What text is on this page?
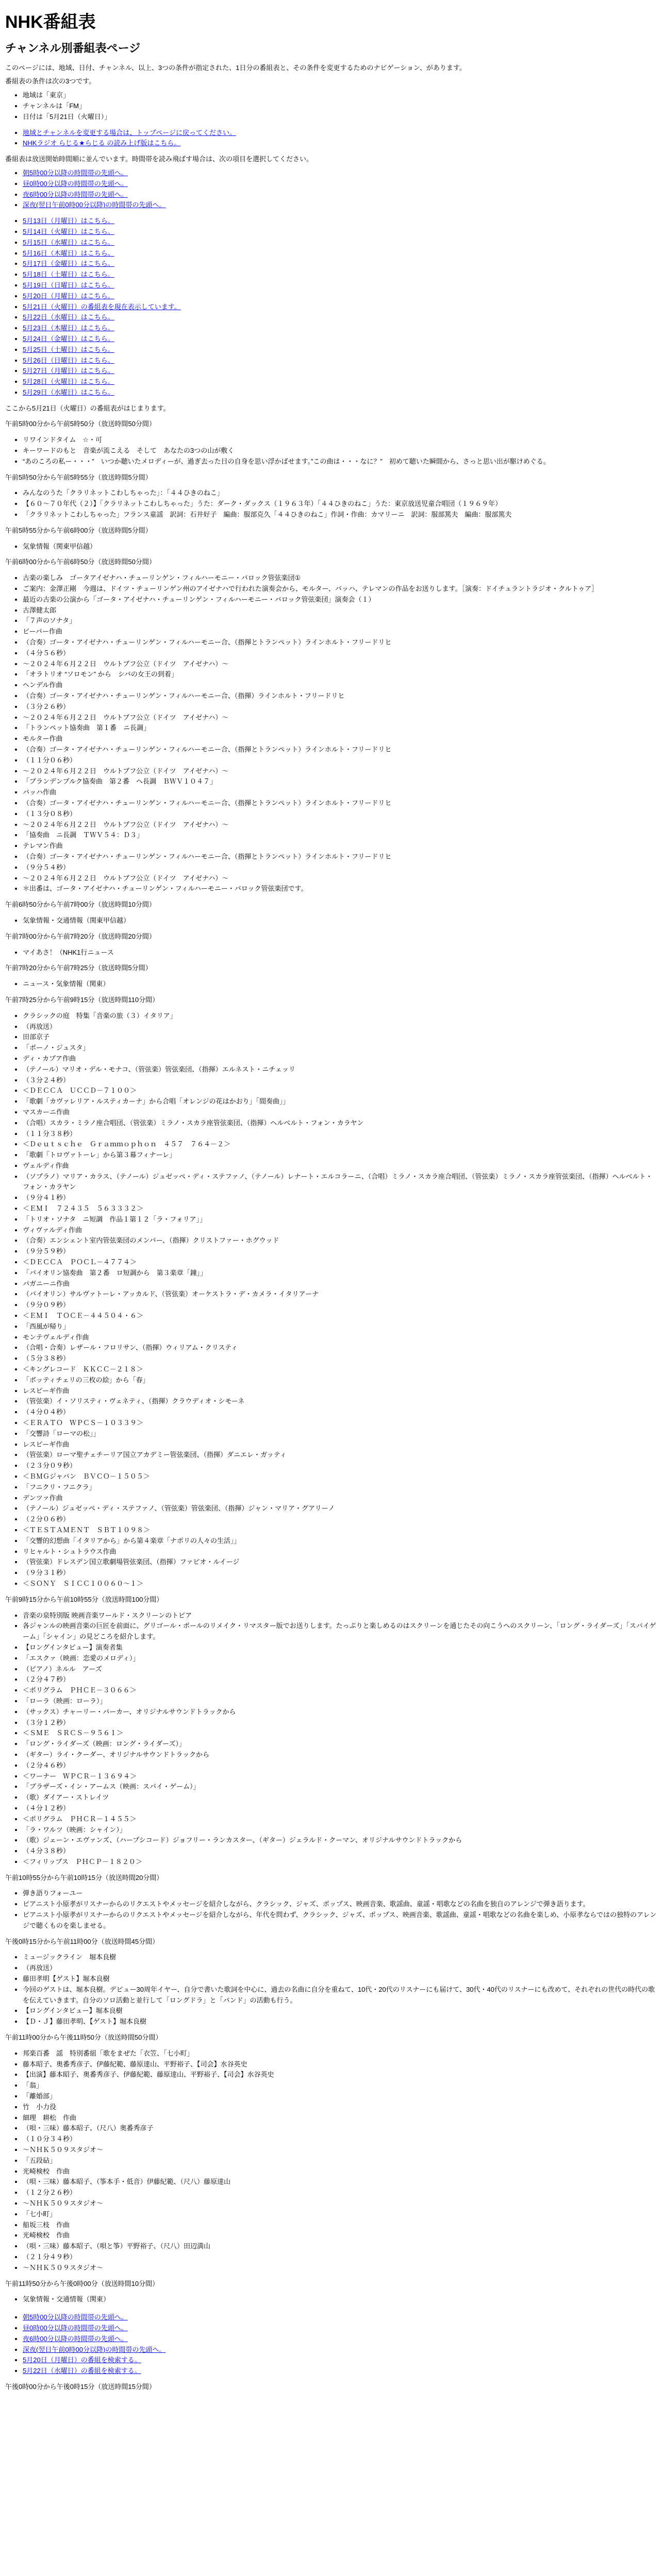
NHK番組表
チャンネル別番組表ページ

このページには、地域、日付、チャンネル、以上、3つの条件が指定された、1日分の番組表と、その条件を変更するためのナビゲーション、があります。

番組表の条件は次の3つです。

• 地域は「東京」
• チャンネルは「FM」
• 日付は「5月21日（火曜日）」
• 地域とチャンネルを変更する場合は、トップページに戻ってください。
• NHKラジオ らじる★らじる の読み上げ版はこちら。

番組表は放送開始時間順に並んでいます。時間帯を読み飛ばす場合は、次の項目を選択してください。

• 朝5時00分以降の時間帯の先頭へ。
• 昼0時00分以降の時間帯の先頭へ。
• 夜6時00分以降の時間帯の先頭へ。
• 深夜(翌日午前0時00分以降)の時間帯の先頭へ。
• 5月13日（月曜日）はこちら。
• 5月14日（火曜日）はこちら。
• 5月15日（水曜日）はこちら。
• 5月16日（木曜日）はこちら。
• 5月17日（金曜日）はこちら。
• 5月18日（土曜日）はこちら。
• 5月19日（日曜日）はこちら。
• 5月20日（月曜日）はこちら。
• 5月21日（火曜日）の番組表を現在表示しています。
• 5月22日（水曜日）はこちら。
• 5月23日（木曜日）はこちら。
• 5月24日（金曜日）はこちら。
• 5月25日（土曜日）はこちら。
• 5月26日（日曜日）はこちら。
• 5月27日（月曜日）はこちら。
• 5月28日（火曜日）はこちら。
• 5月29日（水曜日）はこちら。

ここから5月21日（火曜日）の番組表がはじまります。

午前5時00分から午前5時50分（放送時間50分間）

• リワインドタイム　☆・可
• キーワードのもと　音楽が流こえる　そして　あなたの3つの山が敷く
• “あのころの私ー・・・”　いつか聴いたメロディーが、過ぎ去った日の自身を思い浮かばせます。”この曲は・・・なに？”　初めて聴いた瞬間から、さっと思い出が駆けめぐる。

午前5時50分から午前5時55分（放送時間5分間）

• みんなのうた「クラリネットこわしちゃった」：「４４ひきのねこ」
• 【６０～７０年代（２）】「クラリネットこわしちゃった」うた：ダーク・ダックス（１９６３年）「４４ひきのねこ」うた：東京放送児童合唱団（１９６９年）
• 「クラリネットこわしちゃった」フランス童謡　訳詞：石井好子　編曲：服部克久「４４ひきのねこ」作詞・作曲：カマリーニ　訳詞：服部篤夫　編曲：服部篤夫

午前5時55分から午前6時00分（放送時間5分間）

• 気象情報（関東甲信越）

午前6時00分から午前6時50分（放送時間50分間）

• 古楽の楽しみ　ゴータアイゼナハ・チューリンゲン・フィルハーモニー・バロック管弦楽団①
• ご案内：金澤正剛　今週は、ドイツ・チューリンゲン州のアイゼナハで行われた演奏会から、モルター、バッハ、テレマンの作品をお送りします。［演奏：ドイチュラントラジオ・クルトゥア］
• 最近の古楽の公演から「ゴータ・アイゼナハ・チューリンゲン・フィルハーモニー・バロック管弦楽団」演奏会（１）
• 古澤健太郎
• 「７声のソナタ」
• ビーバー作曲
• （合奏）ゴータ・アイゼナハ・チューリンゲン・フィルハーモニー合、（指揮とトランペット）ラインホルト・フリードリヒ
• （４分５６秒）
• ～２０２４年６月２２日　ウルトブフ公立（ドイツ　アイゼナハ）～
• 「オラトリオ “ソロモン” から　シバの女王の到着」
• ヘンデル作曲
• （合奏）ゴータ・アイゼナハ・チューリンゲン・フィルハーモニー合、（指揮）ラインホルト・フリードリヒ
• （３分２６秒）
• ～２０２４年６月２２日　ウルトブフ公立（ドイツ　アイゼナハ）～
• 「トランペット協奏曲　第１番　ニ長調」
• モルター作曲
• （合奏）ゴータ・アイゼナハ・チューリンゲン・フィルハーモニー合、（指揮とトランペット）ラインホルト・フリードリヒ
• （１１分０６秒）
• ～２０２４年６月２２日　ウルトブフ公立（ドイツ　アイゼナハ）～
• 「ブランデンブルク協奏曲　第２番　ヘ長調　ＢＷＶ１０４７」
• バッハ作曲
• （合奏）ゴータ・アイゼナハ・チューリンゲン・フィルハーモニー合、（指揮とトランペット）ラインホルト・フリードリヒ
• （１３分０８秒）
• ～２０２４年６月２２日　ウルトブフ公立（ドイツ　アイゼナハ）～
• 「協奏曲　ニ長調　ＴＷＶ５４：Ｄ３」
• テレマン作曲
• （合奏）ゴータ・アイゼナハ・チューリンゲン・フィルハーモニー合、（指揮とトランペット）ラインホルト・フリードリヒ
• （９分５４秒）
• ～２０２４年６月２２日　ウルトブフ公立（ドイツ　アイゼナハ）～
• ＊出番は、ゴータ・アイゼナハ・チューリンゲン・フィルハーモニー・バロック管弦楽団です。

午前6時50分から午前7時00分（放送時間10分間）

• 気象情報・交通情報（関東甲信越）

午前7時00分から午前7時20分（放送時間20分間）

• マイあさ！（NHK1行ニュース

午前7時20分から午前7時25分（放送時間5分間）

• ニュース・気象情報（関東）

午前7時25分から午前9時15分（放送時間110分間）

• クラシックの庭　特集「音楽の旅（３）イタリア」
• （再放送）
• 田部京子
• 「ボーノ・ジュスタ」
• ディ・カプア作曲
• （テノール）マリオ・デル・モナコ、（管弦楽）管弦楽団、（指揮）エルネスト・ニチェッリ
• （３分２４秒）
• ＜ＤＥＣＣＡ　ＵＣＣＤ－７１００＞
• 「歌劇「カヴァレリア・ルスティカーナ」から合唱「オレンジの花はかおり」「間奏曲」」
• マスカーニ作曲
• （合唱）スカラ・ミラノ座合唱団、（管弦楽）ミラノ・スカラ座管弦楽団、（指揮）ヘルベルト・フォン・カラヤン
• （１１分３８秒）
• ＜Ｄｅｕｔｓｃｈｅ　Ｇｒａｍｍｏｐｈｏｎ　４５７　７６４－２＞
• 「歌劇「トロヴァトーレ」から第３幕フィナーレ」
• ヴェルディ作曲
• （ソプラノ）マリア・カラス、（テノール）ジュゼッペ・ディ・ステファノ、（テノール）レナート・エルコラーニ、（合唱）ミラノ・スカラ座合唱団、（管弦楽）ミラノ・スカラ座管弦楽団、（指揮）ヘルベルト・フォン・カラヤン
• （９分４１秒）
• ＜ＥＭＩ　７２４３５　５６３３３２＞
• 「トリオ・ソナタ　ニ短調　作品１第１２「ラ・フォリア」」
• ヴィヴァルディ作曲
• （合奏）エンシェント室内管弦楽団のメンバー、（指揮）クリストファー・ホグウッド
• （９分５９秒）
• ＜ＤＥＣＣＡ　ＰＯＣＬ－４７７４＞
• 「バイオリン協奏曲　第２番　ロ短調から　第３楽章「鐘」」
• パガニーニ作曲
• （バイオリン）サルヴァトーレ・アッカルド、（管弦楽）オーケストラ・デ・カメラ・イタリアーナ
• （９分０９秒）
• ＜ＥＭＩ　ＴＯＣＥ－４４５０４・６＞
• 「西風が帰り」
• モンテヴェルディ作曲
• （合唱・合奏）レザール・フロリサン、（指揮）ウィリアム・クリスティ
• （５分３８秒）
• ＜キングレコード　ＫＫＣＣ－２１８＞
• 「ボッティチェリの三枚の絵」から「春」
• レスピーギ作曲
• （管弦楽）イ・ソリスティ・ヴェネティ、（指揮）クラウディオ・シモーネ
• （４分０４秒）
• ＜ＥＲＡＴＯ　ＷＰＣＳ－１０３３９＞
• 「交響詩「ローマの松」」
• レスピーギ作曲
• （管弦楽）ローマ聖チェチーリア国立アカデミー管弦楽団、（指揮）ダニエレ・ガッティ
• （２３分０９秒）
• ＜ＢＭＧジャパン　ＢＶＣＯ－１５０５＞
• 「フニクリ・フニクラ」
• デンツァ作曲
• （テノール）ジュゼッペ・ディ・ステファノ、（管弦楽）管弦楽団、（指揮）ジャン・マリア・グアリーノ
• （２分０６秒）
• ＜ＴＥＳＴＡＭＥＮＴ　ＳＢＴ１０９８＞
• 「交響的幻想曲「イタリアから」から第４楽章「ナポリの人々の生活」」
• リヒャルト・シュトラウス作曲
• （管弦楽）ドレスデン国立歌劇場管弦楽団、（指揮）ファビオ・ルイージ
• （９分３１秒）
• ＜ＳＯＮＹ　ＳＩＣＣ１００６０～１＞

午前9時15分から午前10時55分（放送時間100分間）

• 音楽の泉特別版 映画音楽ワールド・スクリーンのトピア
• 各ジャンルの映画音楽の巨匠を前面に、グリゴール・ポールのリメイク・リマスター版でお送りします。たっぷりと楽しめるのはスクリーンを通じたその向こうへのスクリーン、「ロング・ライダーズ」「スパイゲーム」「シャイン」の見どころを紹介します。
• 【ロングインタビュー】演奏者集
• 「エスクァ（映画：恋愛のメロディ）」
• （ピアノ）ネルル　アーズ
• （２分４７秒）
• ＜ポリグラム　ＰＨＣＥ－３０６６＞
• 「ローラ（映画：ローラ）」
• （サックス）チャーリー・パーカー、オリジナルサウンドトラックから
• （３分１２秒）
• ＜ＳＭＥ　ＳＲＣＳ－９５６１＞
• 「ロング・ライダーズ（映画：ロング・ライダーズ）」
• （ギター）ライ・クーダー、オリジナルサウンドトラックから
• （２分４６秒）
• ＜ワーナー　ＷＰＣＲ－１３６９４＞
• 「ブラザーズ・イン・アームス（映画：スパイ・ゲーム）」
• （歌）ダイアー・ストレイツ
• （４分１２秒）
• ＜ポリグラム　ＰＨＣＲ－１４５５＞
• 「ラ・ワルツ（映画：シャイン）」
• （歌）ジェーン・エヴァンズ、（ハープシコード）ジョフリー・ランカスター、（ギター）ジェラルド・クーマン、オリジナルサウンドトラックから
• （４分３８秒）
• ＜フィリップス　ＰＨＣＰ－１８２０＞

午前10時55分から午前10時15分（放送時間20分間）

• 弾き語りフォーユー
• ピアニスト小原孝がリスナーからのリクエストやメッセージを紹介しながら、クラシック、ジャズ、ポップス、映画音楽、歌謡曲、童謡・唱歌などの名曲を独自のアレンジで弾き語ります。
• ピアニスト小原孝がリスナーからのリクエストやメッセージを紹介しながら、年代を問わず、クラシック、ジャズ、ポップス、映画音楽、歌謡曲、童謡・唱歌などの名曲を楽しめ、小原孝ならではの独特のアレンジで聴くものを楽しませる。

午後0時15分から午前11時00分（放送時間45分間）

• ミュージックライン　堀本良樹
• （再放送）
• 藤田孝明【ゲスト】堀本良樹
• 今回のゲストは、堀本良樹。デビュー30周年イヤー、自分で書いた歌詞を中心に、過去の名曲に自分を重ねて、10代・20代のリスナーにも届けて、30代・40代のリスナーにも改めて、それぞれの世代の時代の歌を伝えていきます。自分のソロ活動と並行して「ロングドラ」と「バンド」の活動も行う。
• 【ロングインタビュー】堀本良樹
• 【Ｄ・Ｊ】藤田孝明、【ゲスト】堀本良樹

午前11時00分から午後11時50分（放送時間50分間）

• 邦楽百番　謡　特別番組「歌をまぜた「衣笠、「七小町」
• 藤本昭子、奥番秀彦子、伊藤紀範、藤原達山、平野裕子、【司会】水谷英史
• 【出演】藤本昭子、奥番秀彦子、伊藤紀範、藤原達山、平野裕子、【司会】水谷英史
• 「翁」
• 「離婚部」
• 竹　小力役
• 細理　耕松　作曲
• （唄・三味）藤本昭子、（尺八）奥番秀彦子
• （１０分３４秒）
• ～ＮＨＫ５０９スタジオ～
• 「五段砧」
• 光崎検校　作曲
• （唄・三味）藤本昭子、（筝本手・低音）伊藤紀範、（尺八）藤原達山
• （１２分２６秒）
• ～ＮＨＫ５０９スタジオ～
• 「七小町」
• 船坂三枝　作曲
• 光崎検校　作曲
• （唄・三味）藤本昭子、（唄と筝）平野裕子、（尺八）田辺満山
• （２１分４９秒）
• ～ＮＨＫ５０９スタジオ～

午前11時50分から午後0時00分（放送時間10分間）

• 気象情報・交通情報（関東）
• 朝5時00分以降の時間帯の先頭へ。
• 昼0時00分以降の時間帯の先頭へ。
• 夜6時00分以降の時間帯の先頭へ。
• 深夜(翌日午前0時00分以降)の時間帯の先頭へ。
• 5月20日（月曜日）の番組を検索する。
• 5月22日（水曜日）の番組を検索する。

午後0時00分から午後0時15分（放送時間15分間）
